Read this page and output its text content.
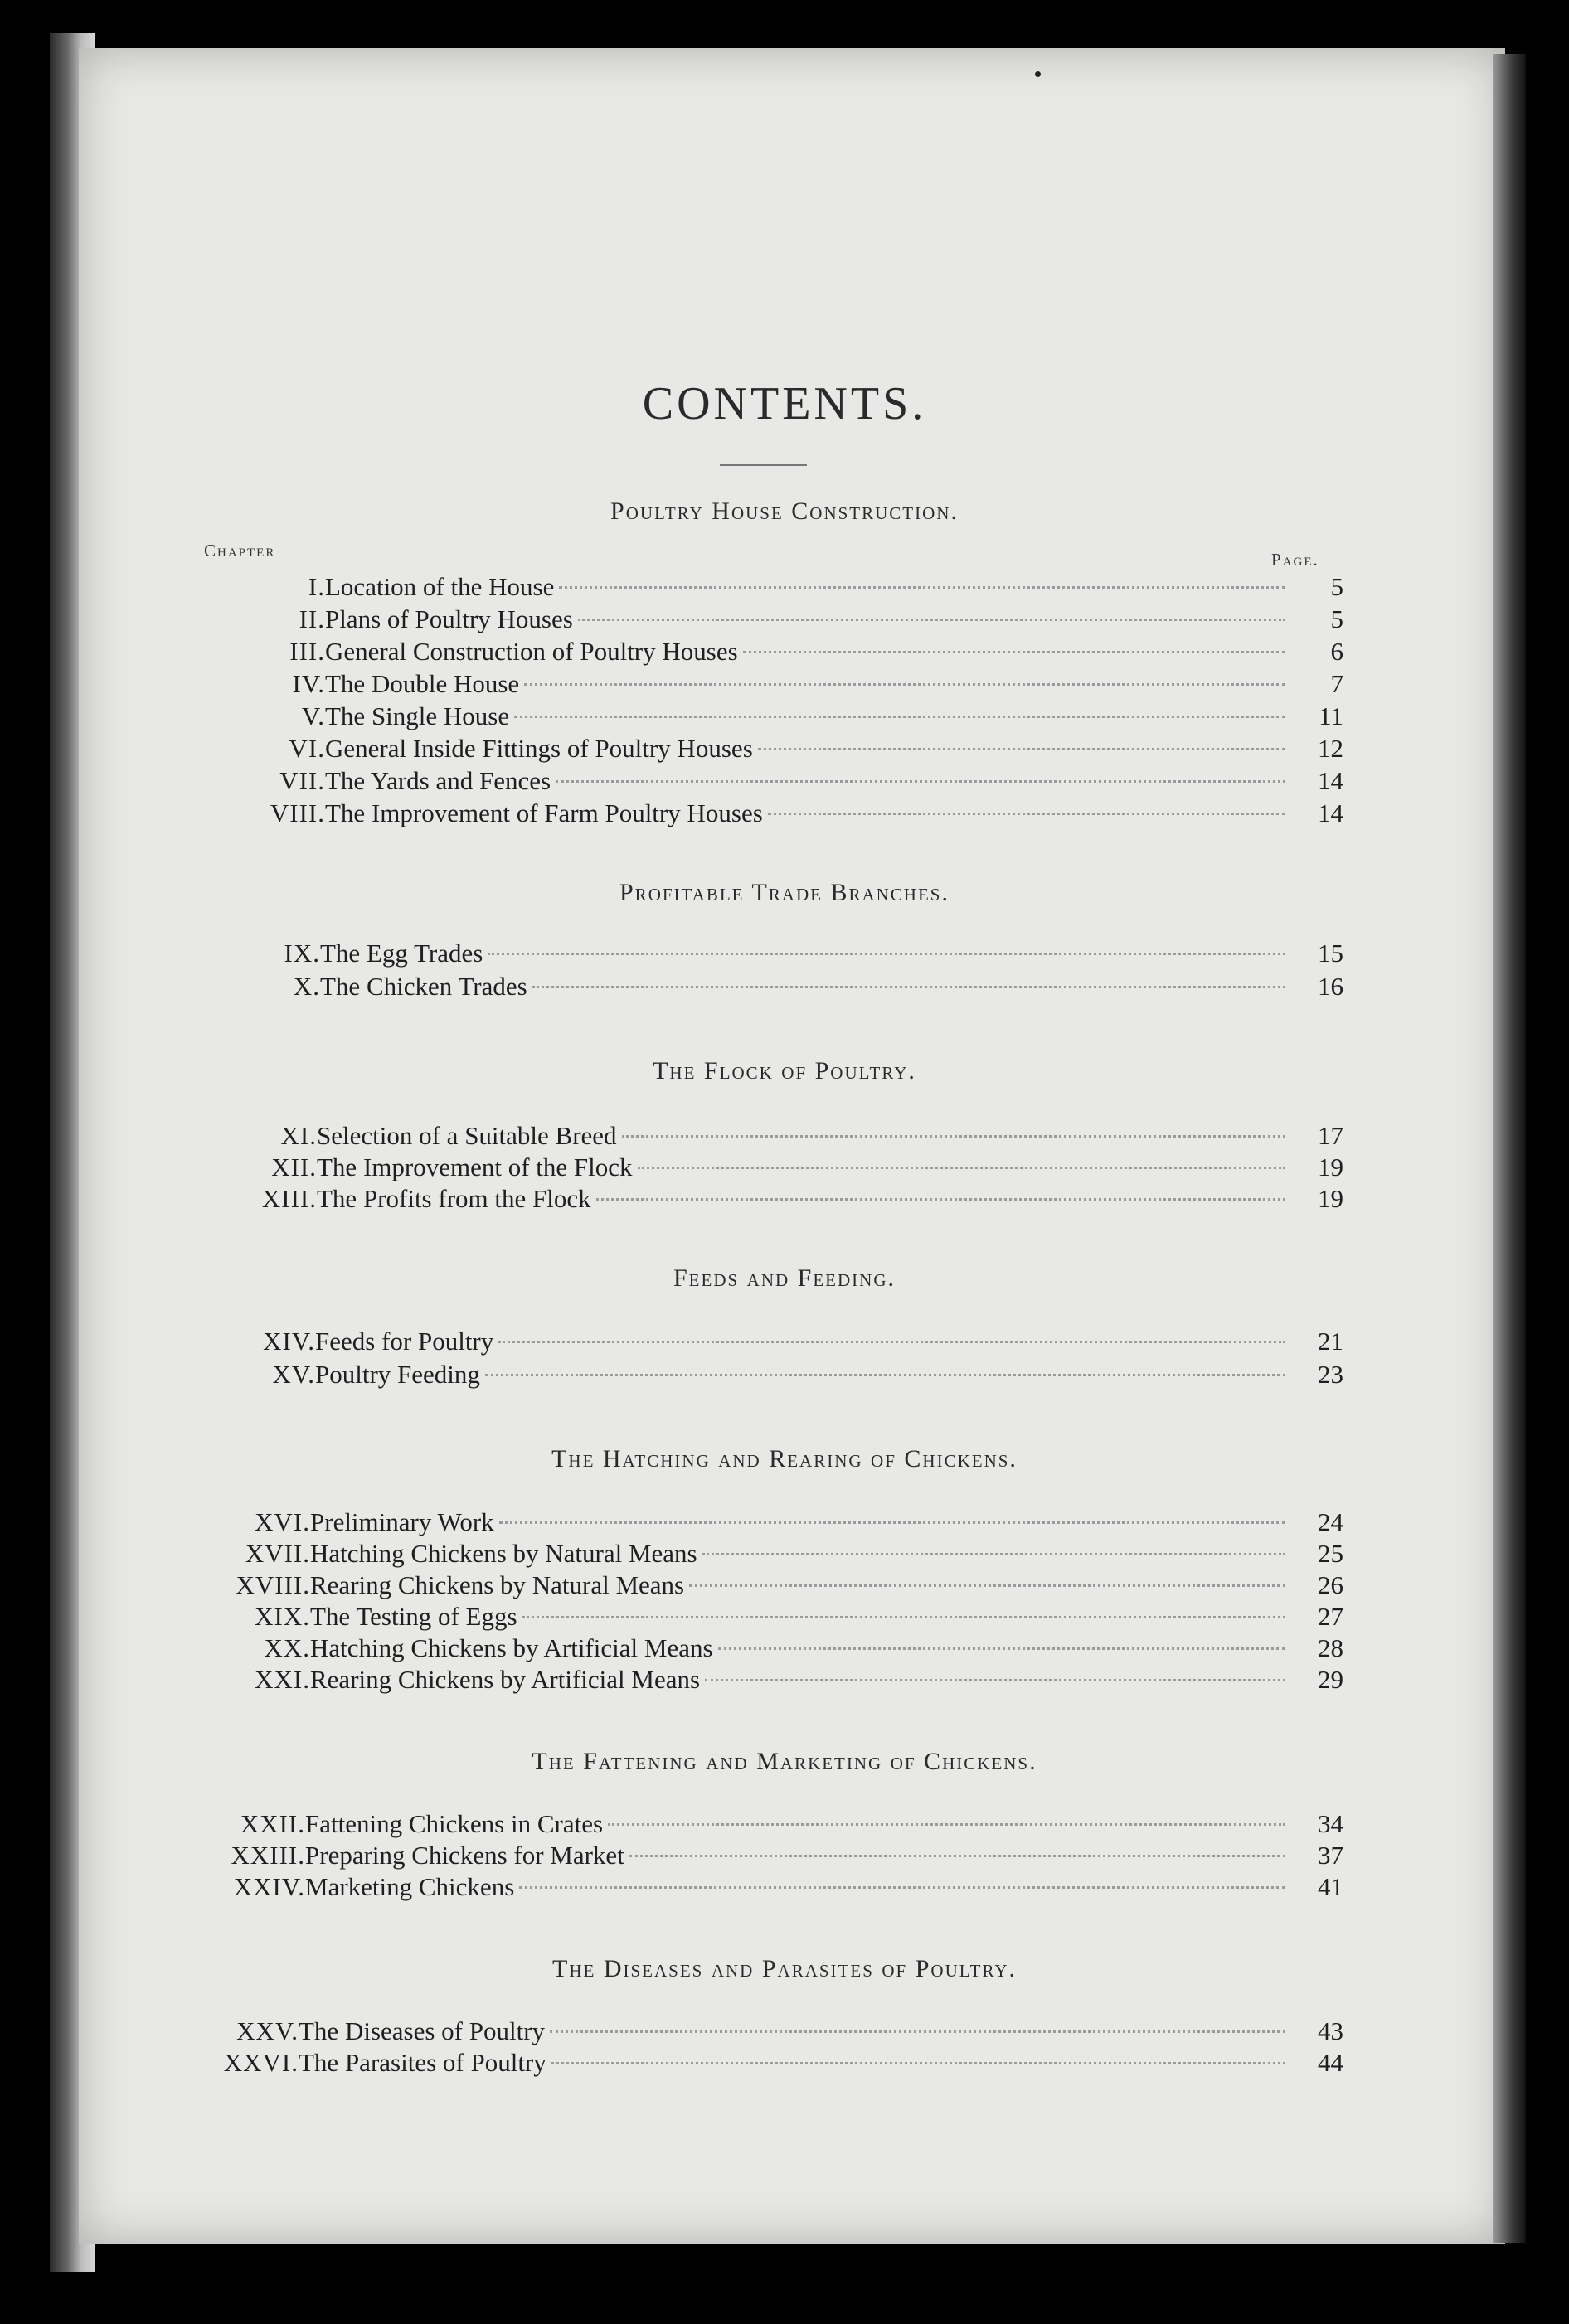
CONTENTS.
Chapter	Page.
Poultry House Construction.
I. Location of the House	5
II. Plans of Poultry Houses	5
III. General Construction of Poultry Houses	6
IV. The Double House	7
V. The Single House	11
VI. General Inside Fittings of Poultry Houses	12
VII. The Yards and Fences	14
VIII. The Improvement of Farm Poultry Houses	14
Profitable Trade Branches.
IX. The Egg Trades	15
X. The Chicken Trades	16
The Flock of Poultry.
XI. Selection of a Suitable Breed	17
XII. The Improvement of the Flock	19
XIII. The Profits from the Flock	19
Feeds and Feeding.
XIV. Feeds for Poultry	21
XV. Poultry Feeding	23
The Hatching and Rearing of Chickens.
XVI. Preliminary Work	24
XVII. Hatching Chickens by Natural Means	25
XVIII. Rearing Chickens by Natural Means	26
XIX. The Testing of Eggs	27
XX. Hatching Chickens by Artificial Means	28
XXI. Rearing Chickens by Artificial Means	29
The Fattening and Marketing of Chickens.
XXII. Fattening Chickens in Crates	34
XXIII. Preparing Chickens for Market	37
XXIV. Marketing Chickens	41
The Diseases and Parasites of Poultry.
XXV. The Diseases of Poultry	43
XXVI. The Parasites of Poultry	44
